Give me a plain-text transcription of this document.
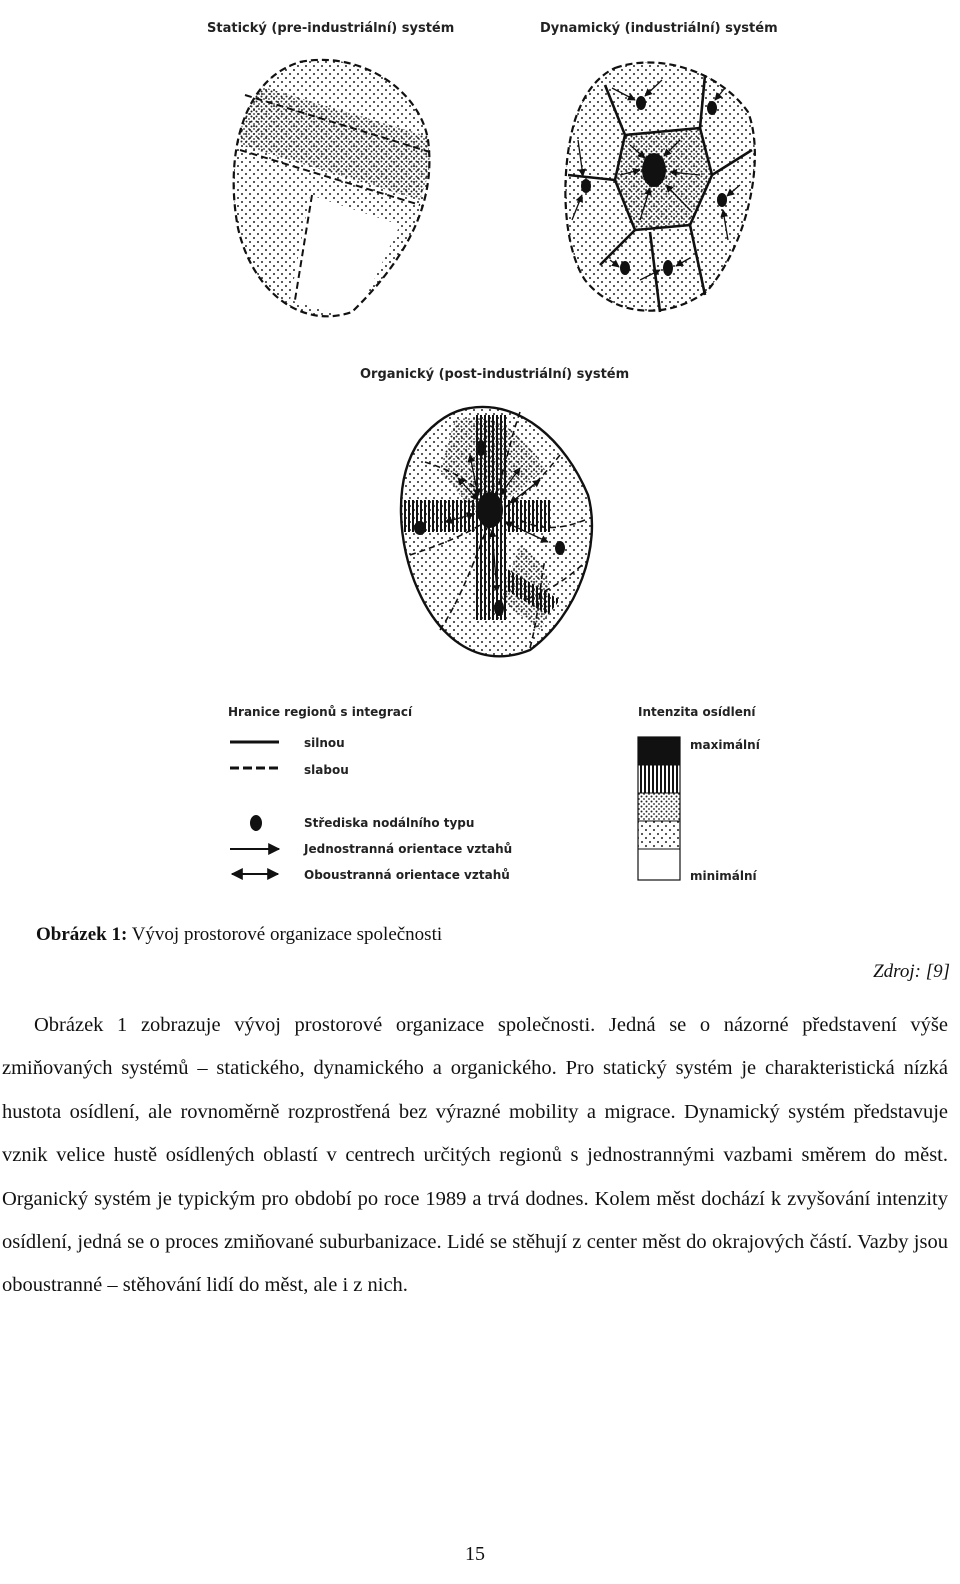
Statický (pre-industriální) systém	Dynamický (industriální) systém
Organický (post-industriální) systém
Hranice regionů s integrací
silnou
slabou
Střediska nodálního typu
Jednostranná orientace vztahů
Oboustranná orientace vztahů
Intenzita osídlení
maximální
minimální
Obrázek 1: Vývoj prostorové organizace společnosti
Zdroj: [9]
Obrázek 1 zobrazuje vývoj prostorové organizace společnosti. Jedná se o názorné představení výše zmiňovaných systémů – statického, dynamického a organického. Pro statický systém je charakteristická nízká hustota osídlení, ale rovnoměrně rozprostřená bez výrazné mobility a migrace. Dynamický systém představuje vznik velice hustě osídlených oblastí v centrech určitých regionů s jednostrannými vazbami směrem do měst. Organický systém je typickým pro období po roce 1989 a trvá dodnes. Kolem měst dochází k zvyšování intenzity osídlení, jedná se o proces zmiňované suburbanizace. Lidé se stěhují z center měst do okrajových částí. Vazby jsou oboustranné – stěhování lidí do měst, ale i z nich.
15
